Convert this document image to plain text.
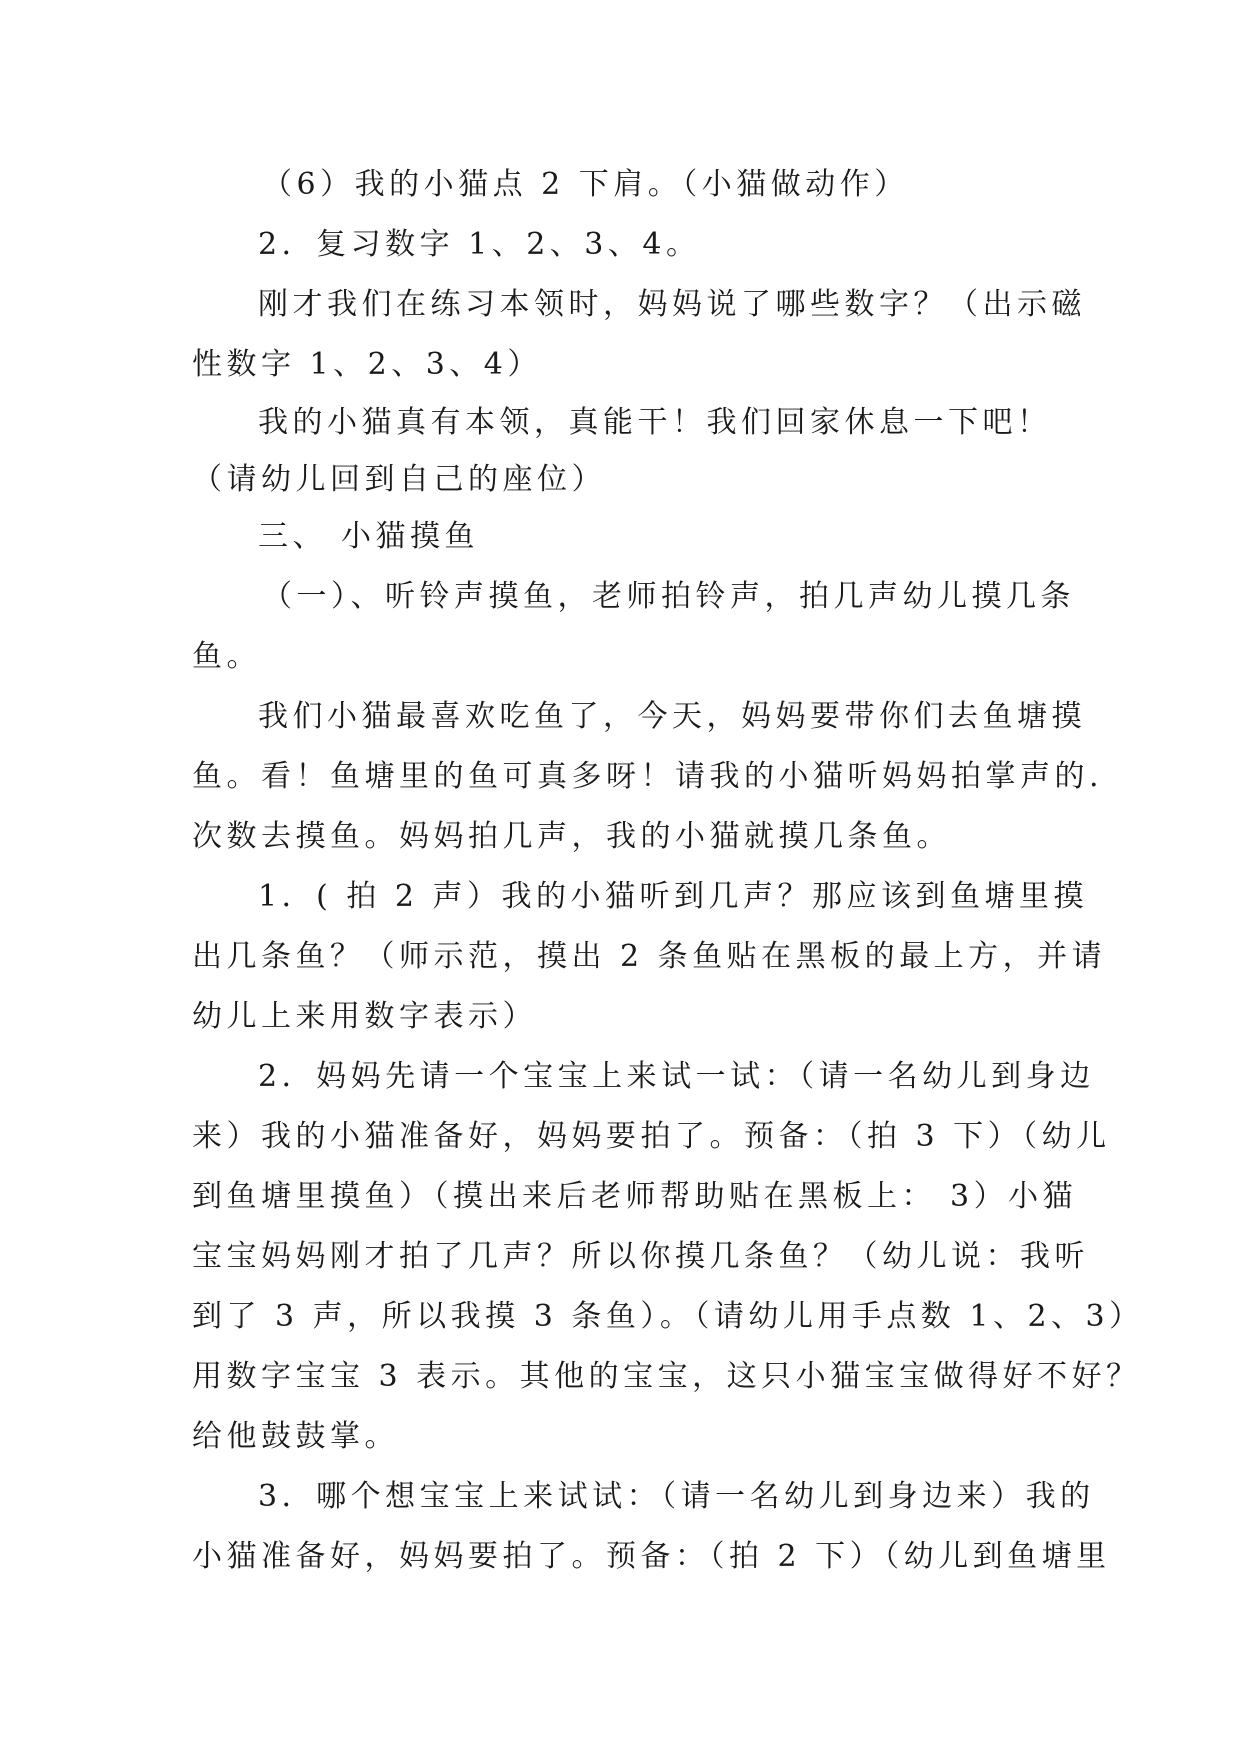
（6）我的小猫点 2 下肩。（小猫做动作）
2．复习数字 1、2、3、4。
刚才我们在练习本领时，妈妈说了哪些数字？（出示磁
性数字 1、2、3、4）
我的小猫真有本领，真能干！我们回家休息一下吧！
（请幼儿回到自己的座位）
三、 小猫摸鱼
（一）、听铃声摸鱼，老师拍铃声，拍几声幼儿摸几条
鱼。
我们小猫最喜欢吃鱼了，今天，妈妈要带你们去鱼塘摸
鱼。看！鱼塘里的鱼可真多呀！请我的小猫听妈妈拍掌声的.
次数去摸鱼。妈妈拍几声，我的小猫就摸几条鱼。
1．( 拍 2 声）我的小猫听到几声？那应该到鱼塘里摸
出几条鱼？（师示范，摸出 2 条鱼贴在黑板的最上方，并请
幼儿上来用数字表示）
2．妈妈先请一个宝宝上来试一试：（请一名幼儿到身边
来）我的小猫准备好，妈妈要拍了。预备：（拍 3 下）（幼儿
到鱼塘里摸鱼）（摸出来后老师帮助贴在黑板上： 3）小猫
宝宝妈妈刚才拍了几声？所以你摸几条鱼？（幼儿说：我听
到了 3 声，所以我摸 3 条鱼）。（请幼儿用手点数 1、2、3）
用数字宝宝 3 表示。其他的宝宝，这只小猫宝宝做得好不好？
给他鼓鼓掌。
3．哪个想宝宝上来试试：（请一名幼儿到身边来）我的
小猫准备好，妈妈要拍了。预备：（拍 2 下）（幼儿到鱼塘里
